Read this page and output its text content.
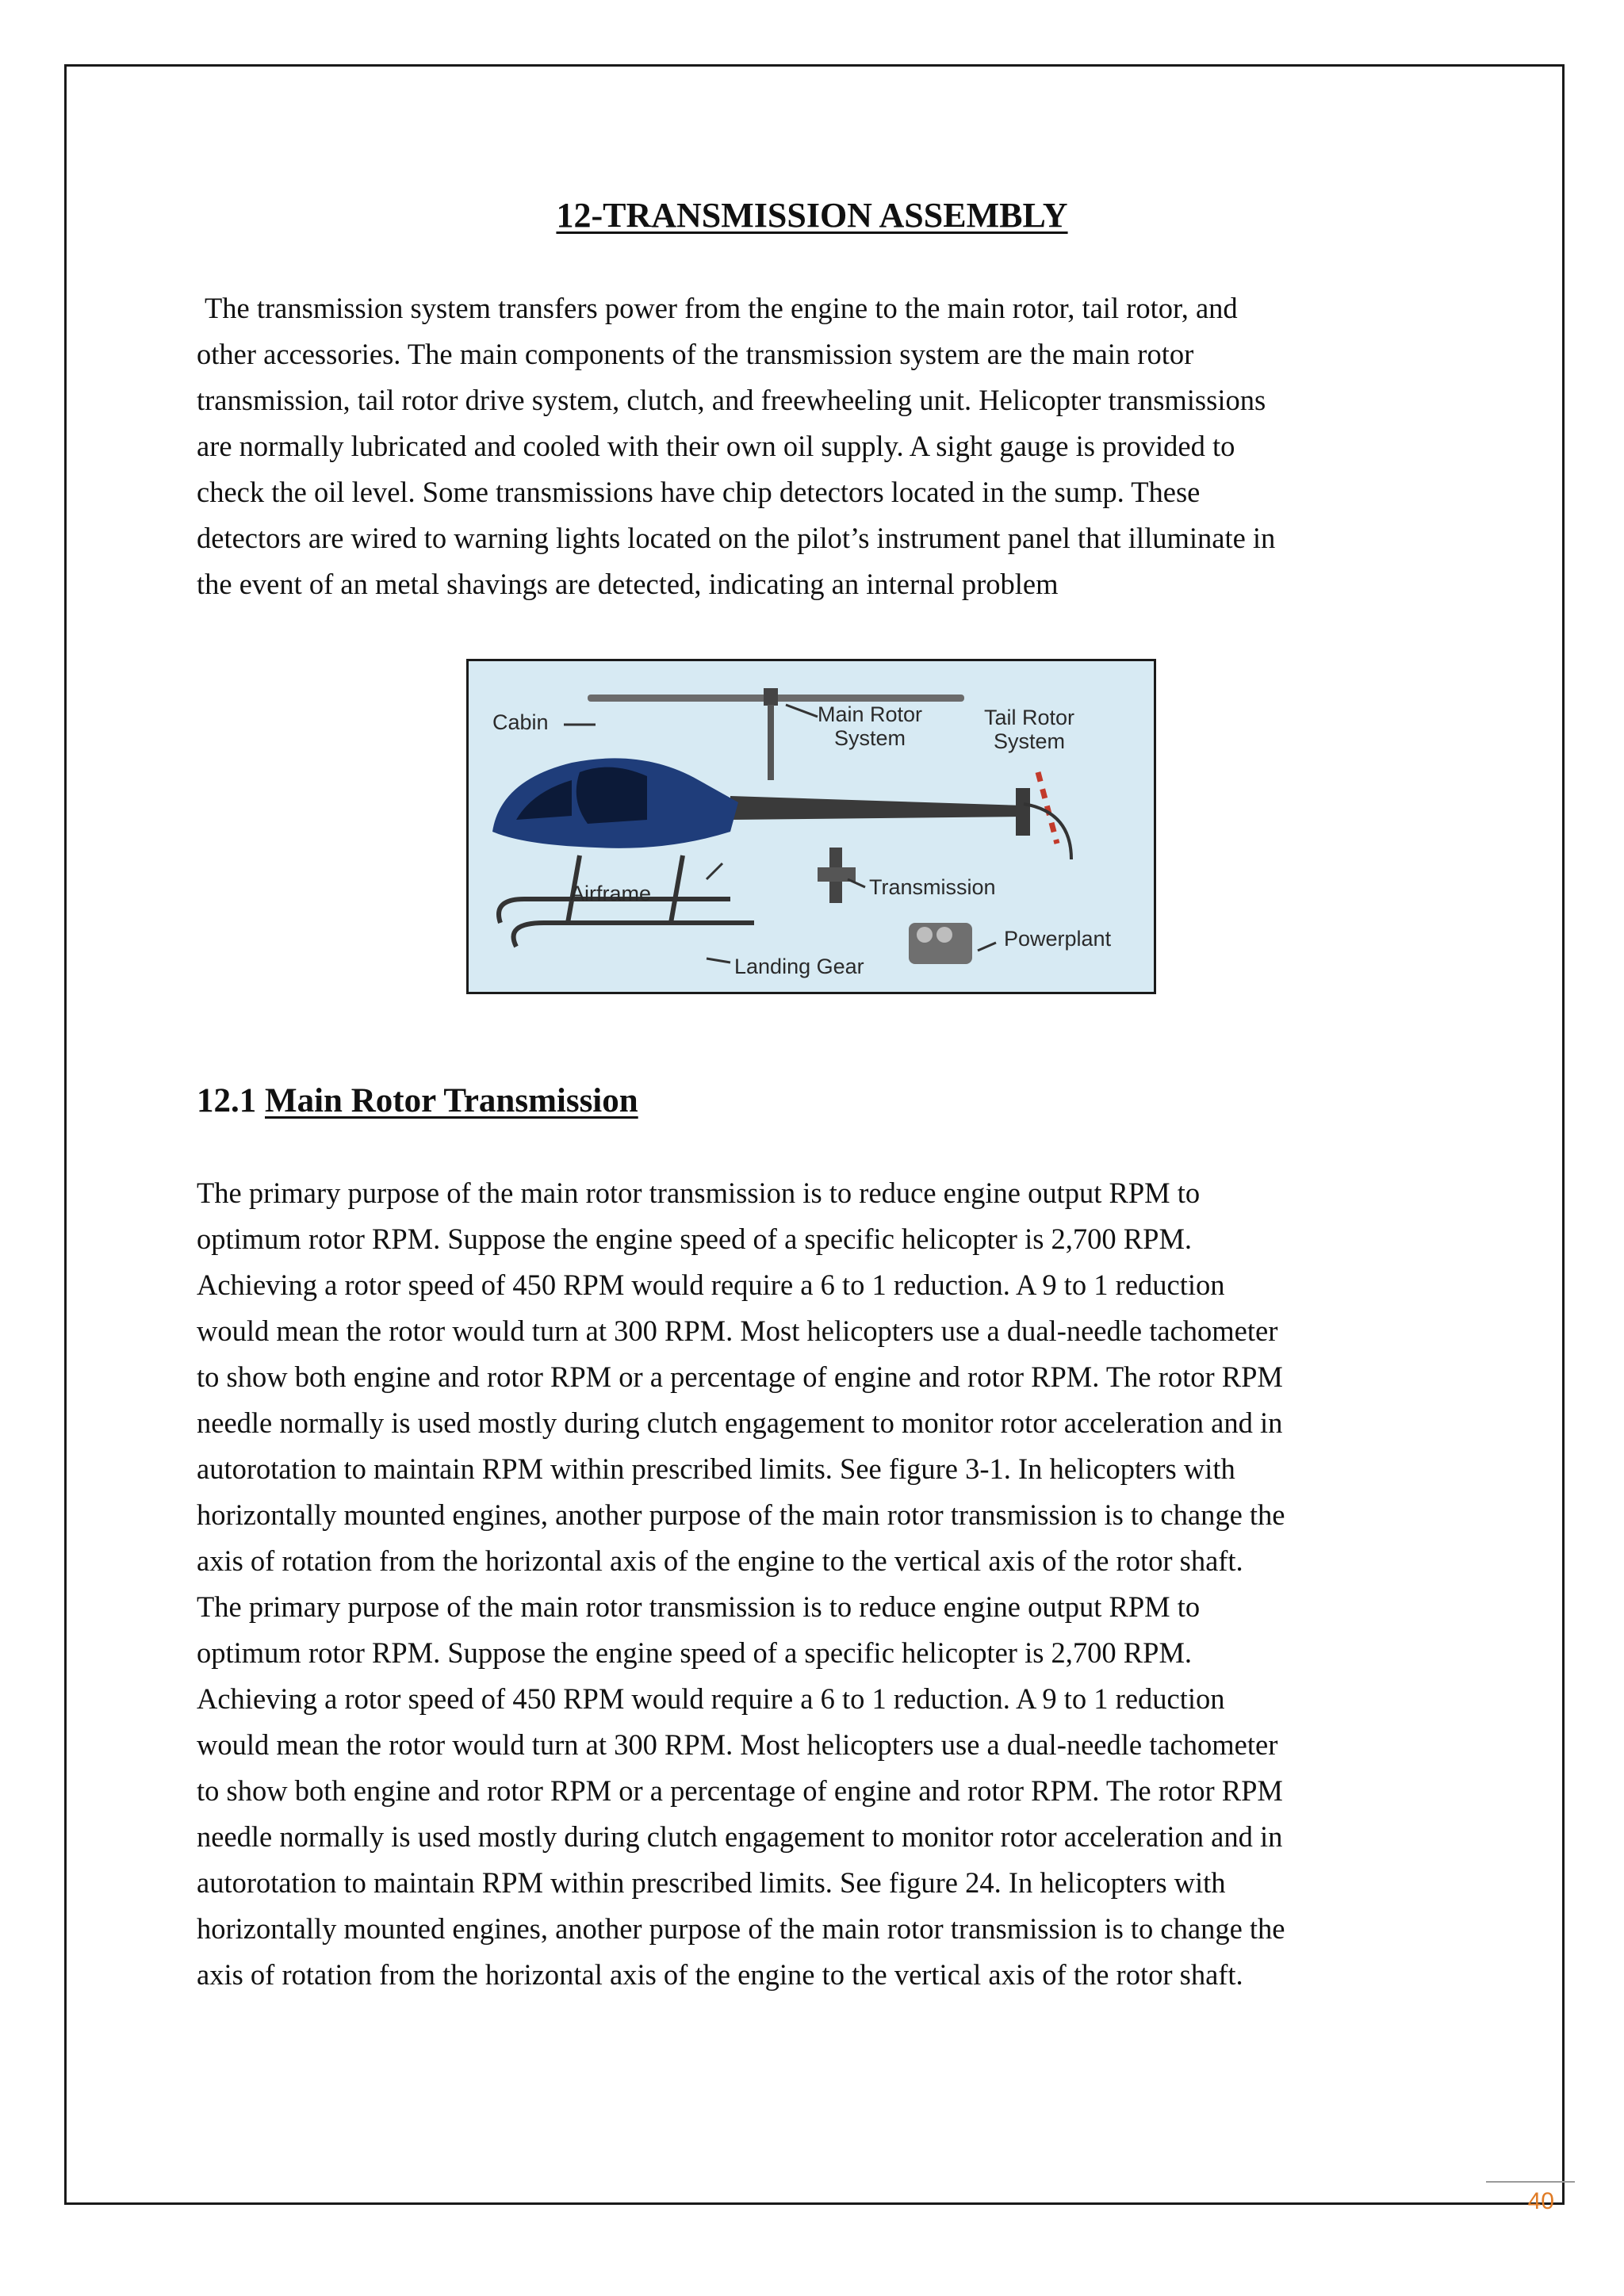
12-TRANSMISSION ASSEMBLY
The transmission system transfers power from the engine to the main rotor, tail rotor, and
other accessories. The main components of the transmission system are the main rotor
transmission, tail rotor drive system, clutch, and freewheeling unit. Helicopter transmissions
are normally lubricated and cooled with their own oil supply. A sight gauge is provided to
check the oil level. Some transmissions have chip detectors located in the sump. These
detectors are wired to warning lights located on the pilot’s instrument panel that illuminate in
the event of an metal shavings are detected, indicating an internal problem
Cabin	Main Rotor
System
Tail Rotor
System
Airframe	Transmission
Powerplant
Landing Gear
12.1 Main Rotor Transmission
The primary purpose of the main rotor transmission is to reduce engine output RPM to
optimum rotor RPM. Suppose the engine speed of a specific helicopter is 2,700 RPM.
Achieving a rotor speed of 450 RPM would require a 6 to 1 reduction. A 9 to 1 reduction
would mean the rotor would turn at 300 RPM. Most helicopters use a dual-needle tachometer
to show both engine and rotor RPM or a percentage of engine and rotor RPM. The rotor RPM
needle normally is used mostly during clutch engagement to monitor rotor acceleration and in
autorotation to maintain RPM within prescribed limits. See figure 3-1. In helicopters with
horizontally mounted engines, another purpose of the main rotor transmission is to change the
axis of rotation from the horizontal axis of the engine to the vertical axis of the rotor shaft.
The primary purpose of the main rotor transmission is to reduce engine output RPM to
optimum rotor RPM. Suppose the engine speed of a specific helicopter is 2,700 RPM.
Achieving a rotor speed of 450 RPM would require a 6 to 1 reduction. A 9 to 1 reduction
would mean the rotor would turn at 300 RPM. Most helicopters use a dual-needle tachometer
to show both engine and rotor RPM or a percentage of engine and rotor RPM. The rotor RPM
needle normally is used mostly during clutch engagement to monitor rotor acceleration and in
autorotation to maintain RPM within prescribed limits. See figure 24. In helicopters with
horizontally mounted engines, another purpose of the main rotor transmission is to change the
axis of rotation from the horizontal axis of the engine to the vertical axis of the rotor shaft.
40
